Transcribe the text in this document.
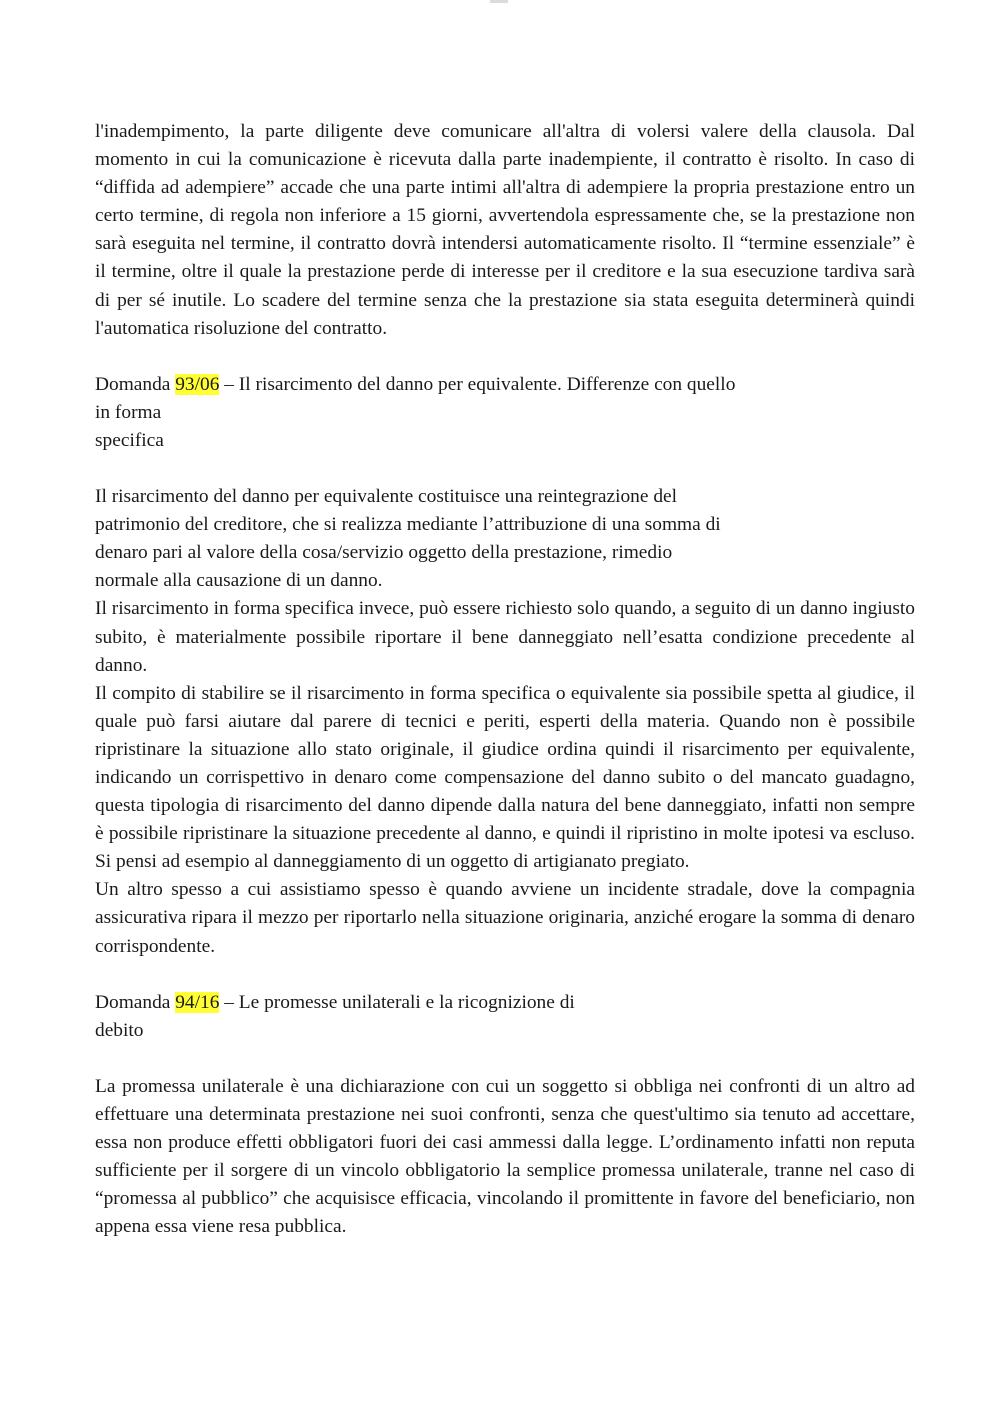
l'inadempimento, la parte diligente deve comunicare all'altra di volersi valere della clausola. Dal momento in cui la comunicazione è ricevuta dalla parte inadempiente, il contratto è risolto. In caso di “diffida ad adempiere” accade che una parte intimi all'altra di adempiere la propria prestazione entro un certo termine, di regola non inferiore a 15 giorni, avvertendola espressamente che, se la prestazione non sarà eseguita nel termine, il contratto dovrà intendersi automaticamente risolto. Il “termine essenziale” è il termine, oltre il quale la prestazione perde di interesse per il creditore e la sua esecuzione tardiva sarà di per sé inutile. Lo scadere del termine senza che la prestazione sia stata eseguita determinerà quindi l'automatica risoluzione del contratto.

Domanda 93/06 – Il risarcimento del danno per equivalente. Differenze con quello
in forma
specifica

Il risarcimento del danno per equivalente costituisce una reintegrazione del
patrimonio del creditore, che si realizza mediante l’attribuzione di una somma di
denaro pari al valore della cosa/servizio oggetto della prestazione, rimedio
normale alla causazione di un danno.

Il risarcimento in forma specifica invece, può essere richiesto solo quando, a seguito di un danno ingiusto subito, è materialmente possibile riportare il bene danneggiato nell’esatta condizione precedente al danno.

Il compito di stabilire se il risarcimento in forma specifica o equivalente sia possibile spetta al giudice, il quale può farsi aiutare dal parere di tecnici e periti, esperti della materia. Quando non è possibile ripristinare la situazione allo stato originale, il giudice ordina quindi il risarcimento per equivalente, indicando un corrispettivo in denaro come compensazione del danno subito o del mancato guadagno, questa tipologia di risarcimento del danno dipende dalla natura del bene danneggiato, infatti non sempre è possibile ripristinare la situazione precedente al danno, e quindi il ripristino in molte ipotesi va escluso. Si pensi ad esempio al danneggiamento di un oggetto di artigianato pregiato.

Un altro spesso a cui assistiamo spesso è quando avviene un incidente stradale, dove la compagnia assicurativa ripara il mezzo per riportarlo nella situazione originaria, anziché erogare la somma di denaro corrispondente.

Domanda 94/16 – Le promesse unilaterali e la ricognizione di
debito

La promessa unilaterale è una dichiarazione con cui un soggetto si obbliga nei confronti di un altro ad effettuare una determinata prestazione nei suoi confronti, senza che quest'ultimo sia tenuto ad accettare, essa non produce effetti obbligatori fuori dei casi ammessi dalla legge. L’ordinamento infatti non reputa sufficiente per il sorgere di un vincolo obbligatorio la semplice promessa unilaterale, tranne nel caso di “promessa al pubblico” che acquisisce efficacia, vincolando il promittente in favore del beneficiario, non appena essa viene resa pubblica.
